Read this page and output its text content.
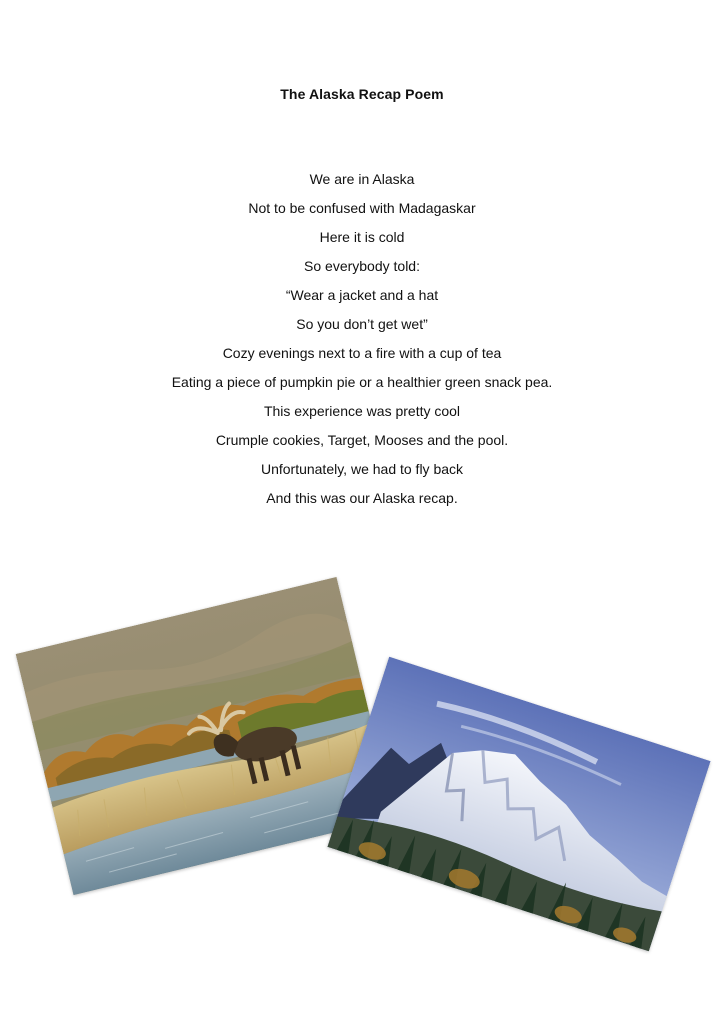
The Alaska Recap Poem
We are in Alaska
Not to be confused with Madagaskar
Here it is cold
So everybody told:
“Wear a jacket and a hat
So you don’t get wet”
Cozy evenings next to a fire with a cup of tea
Eating a piece of pumpkin pie or a healthier green snack pea.
This experience was pretty cool
Crumple cookies, Target, Mooses and the pool.
Unfortunately, we had to fly back
And this was our Alaska recap.
